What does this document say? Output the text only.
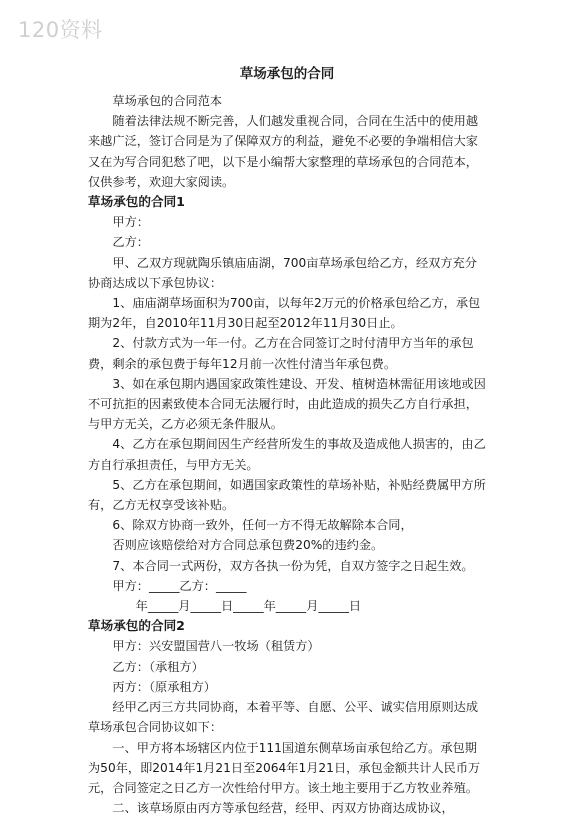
120资料

草场承包的合同

草场承包的合同范本

随着法律法规不断完善，人们越发重视合同，合同在生活中的使用越来越广泛，签订合同是为了保障双方的利益，避免不必要的争端相信大家又在为写合同犯愁了吧，以下是小编帮大家整理的草场承包的合同范本，仅供参考，欢迎大家阅读。

草场承包的合同1

甲方：

乙方：

甲、乙双方现就陶乐镇庙庙湖，700亩草场承包给乙方，经双方充分协商达成以下承包协议：

1、庙庙湖草场面积为700亩，以每年2万元的价格承包给乙方，承包期为2年，自2010年11月30日起至2012年11月30日止。

2、付款方式为一年一付。乙方在合同签订之时付清甲方当年的承包费，剩余的承包费于每年12月前一次性付清当年承包费。

3、如在承包期内遇国家政策性建设、开发、植树造林需征用该地或因不可抗拒的因素致使本合同无法履行时，由此造成的损失乙方自行承担，与甲方无关，乙方必须无条件服从。

4、乙方在承包期间因生产经营所发生的事故及造成他人损害的，由乙方自行承担责任，与甲方无关。

5、乙方在承包期间，如遇国家政策性的草场补贴，补贴经费属甲方所有，乙方无权享受该补贴。

6、除双方协商一致外，任何一方不得无故解除本合同，

否则应该赔偿给对方合同总承包费20%的违约金。

7、本合同一式两份，双方各执一份为凭，自双方签字之日起生效。

甲方：_____乙方：_____

年_____月_____日_____年_____月_____日

草场承包的合同2

甲方：兴安盟国营八一牧场（租赁方）

乙方：（承租方）

丙方：（原承租方）

经甲乙丙三方共同协商，本着平等、自愿、公平、诚实信用原则达成草场承包合同协议如下：

一、甲方将本场辖区内位于111国道东侧草场亩承包给乙方。承包期为50年，即2014年1月21日至2064年1月21日，承包金额共计人民币万元，合同签定之日乙方一次性给付甲方。该土地主要用于乙方牧业养殖。

二、该草场原由丙方等承包经营，经甲、丙双方协商达成协议，
